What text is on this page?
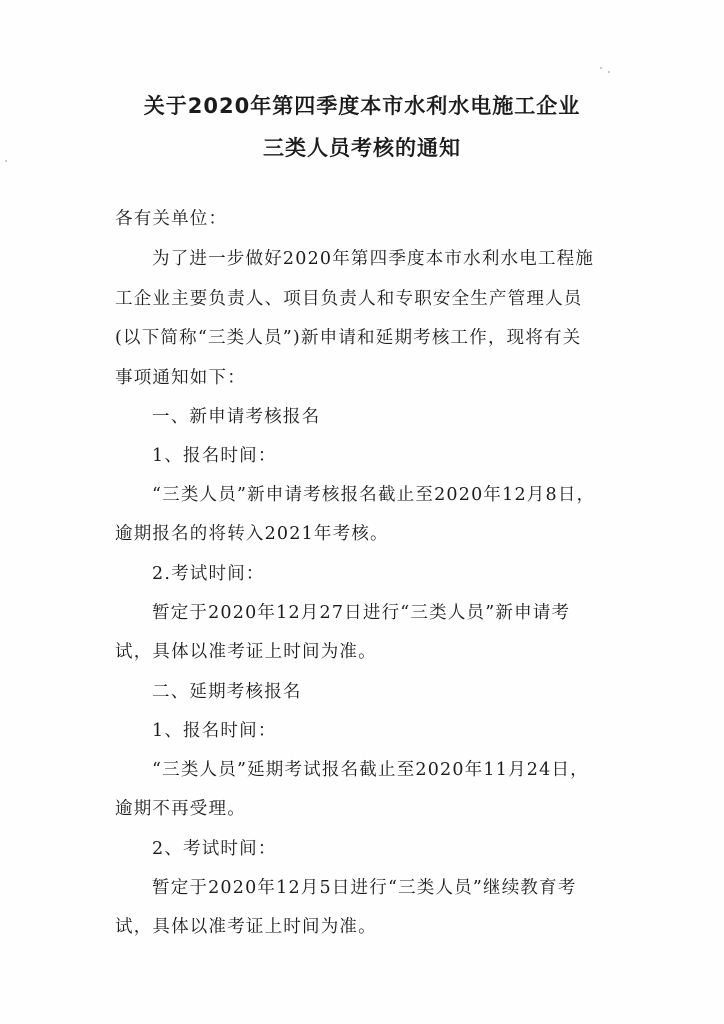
关于2020年第四季度本市水利水电施工企业
三类人员考核的通知
各有关单位：
为了进一步做好2020年第四季度本市水利水电工程施
工企业主要负责人、项目负责人和专职安全生产管理人员
(以下简称“三类人员”)新申请和延期考核工作，现将有关
事项通知如下：
一、新申请考核报名
1、报名时间：
“三类人员”新申请考核报名截止至2020年12月8日，
逾期报名的将转入2021年考核。
2.考试时间：
暂定于2020年12月27日进行“三类人员”新申请考
试，具体以准考证上时间为准。
二、延期考核报名
1、报名时间：
“三类人员”延期考试报名截止至2020年11月24日，
逾期不再受理。
2、考试时间：
暂定于2020年12月5日进行“三类人员”继续教育考
试，具体以准考证上时间为准。
